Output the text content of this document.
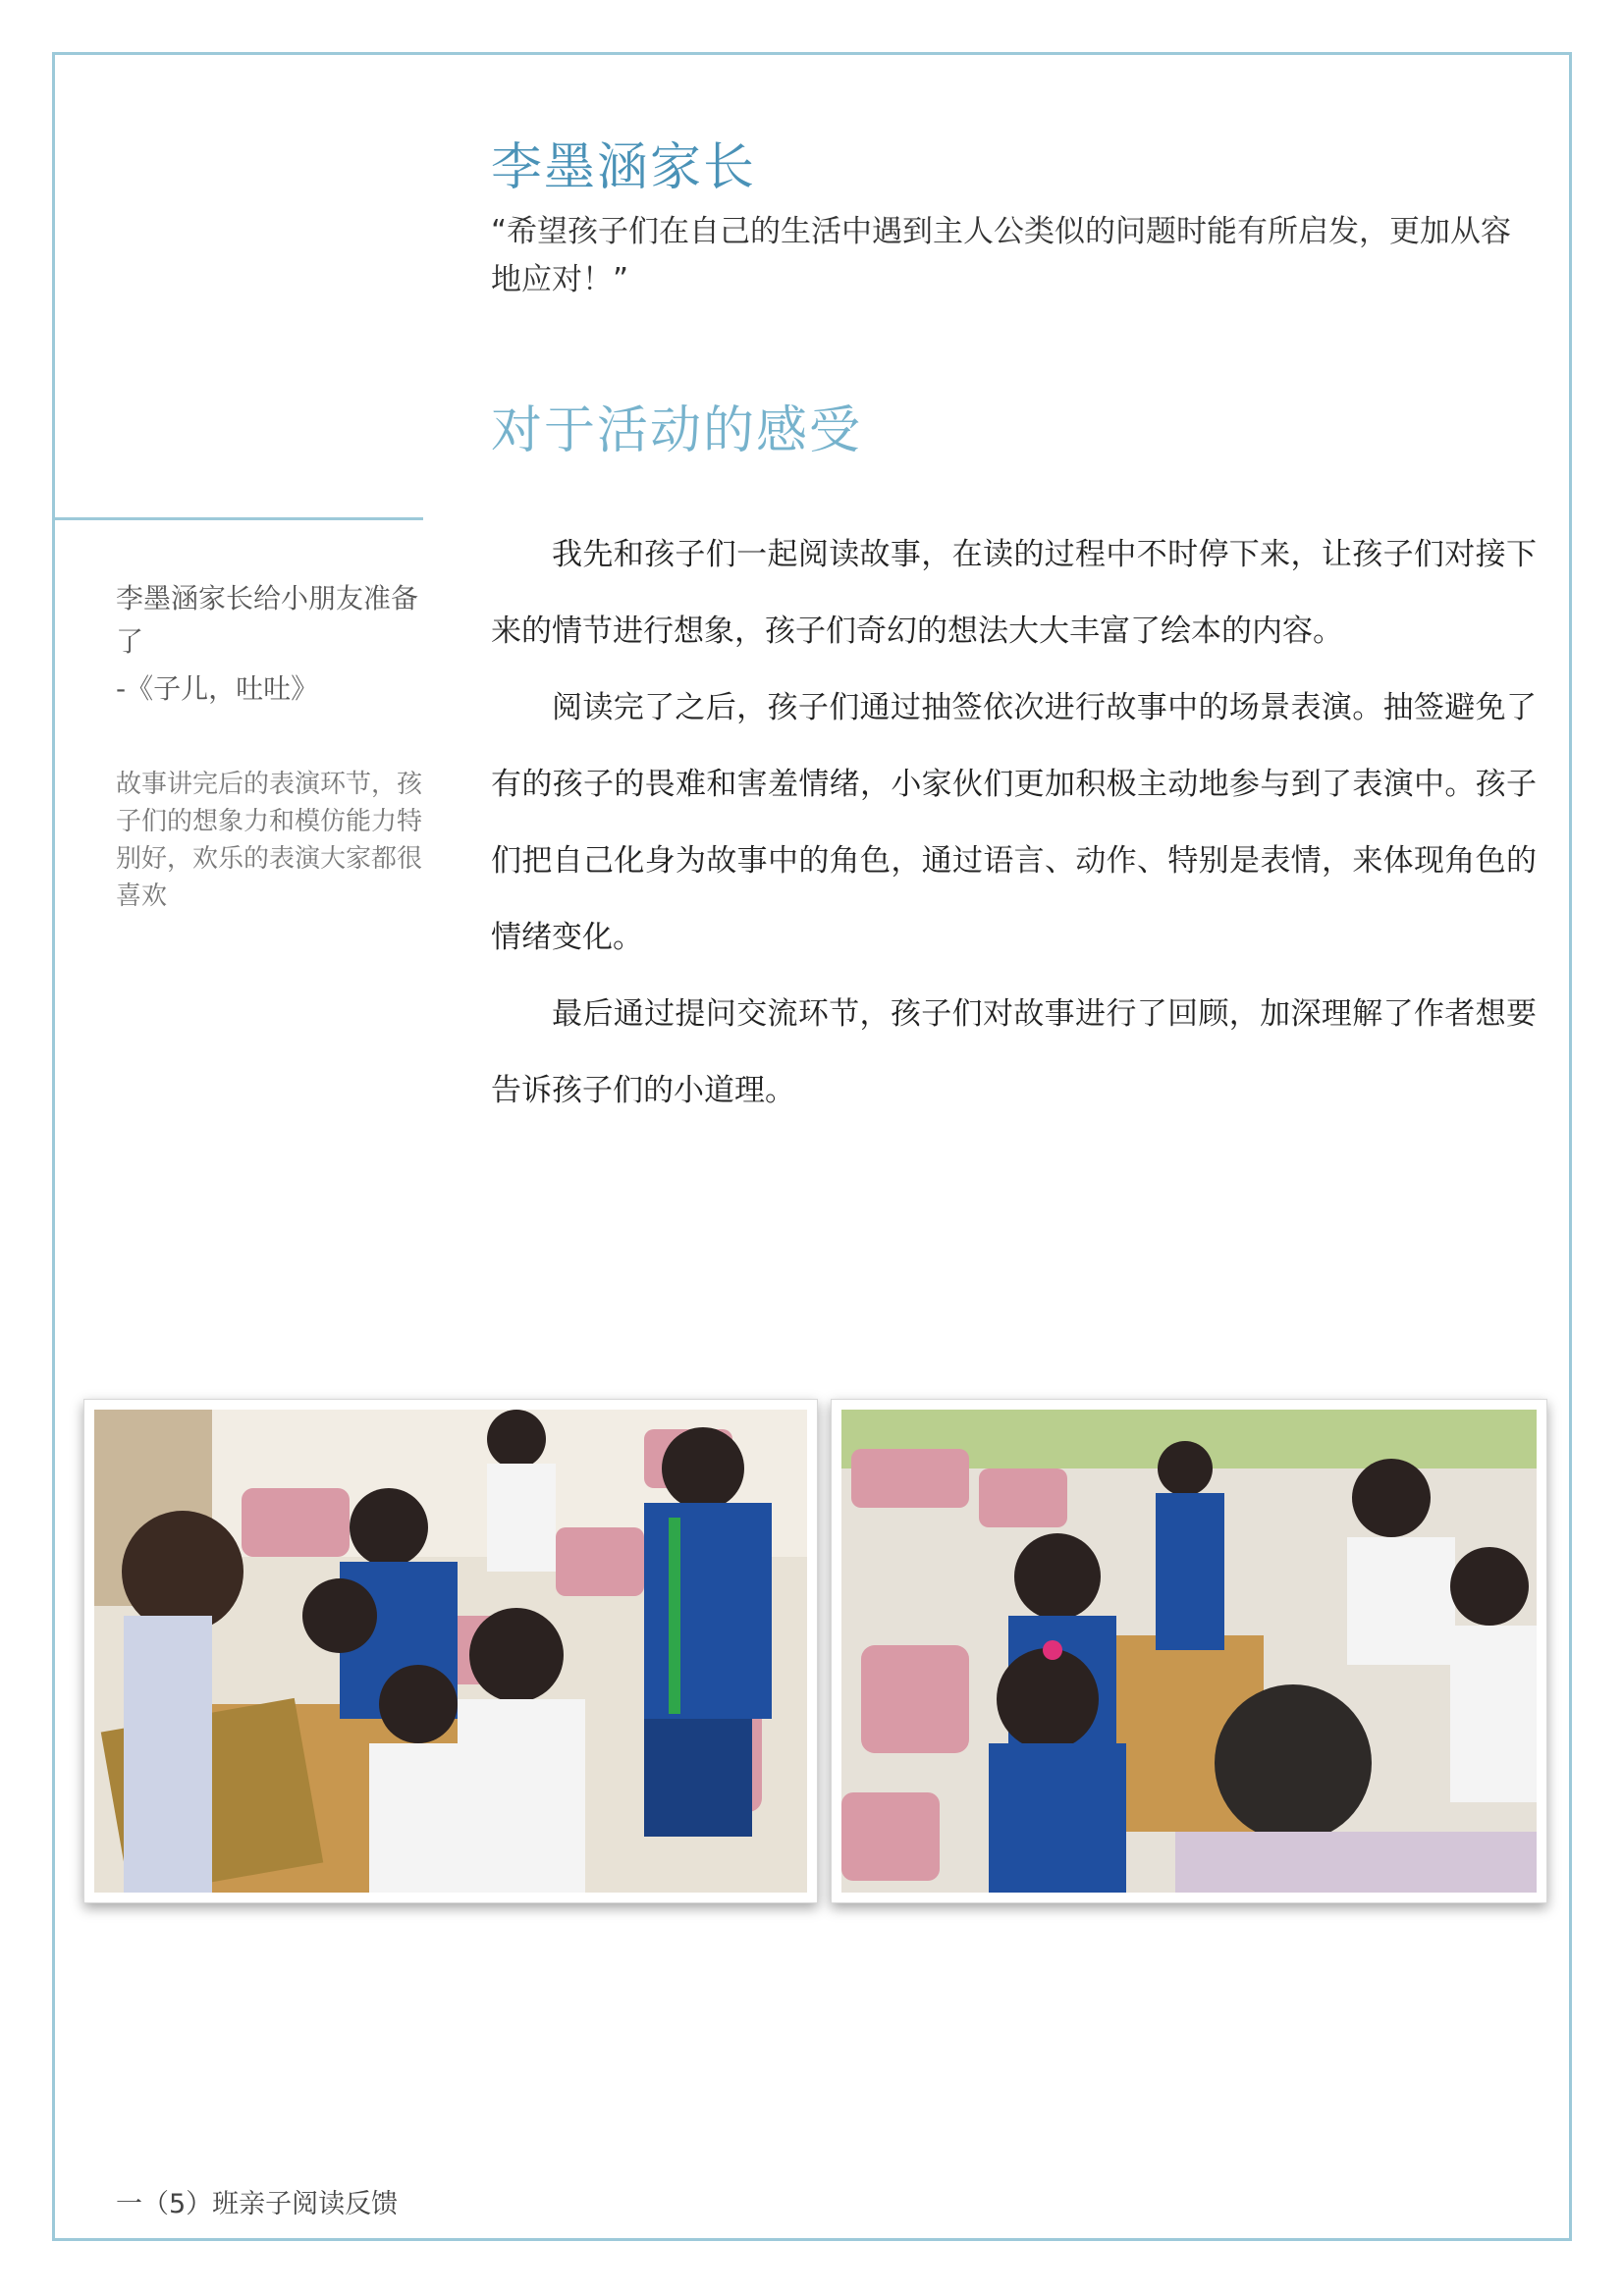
李墨涵家长

“希望孩子们在自己的生活中遇到主人公类似的问题时能有所启发，更加从容地应对！”

对于活动的感受

我先和孩子们一起阅读故事，在读的过程中不时停下来，让孩子们对接下来的情节进行想象，孩子们奇幻的想法大大丰富了绘本的内容。

阅读完了之后，孩子们通过抽签依次进行故事中的场景表演。抽签避免了有的孩子的畏难和害羞情绪，小家伙们更加积极主动地参与到了表演中。孩子们把自己化身为故事中的角色，通过语言、动作、特别是表情，来体现角色的情绪变化。

最后通过提问交流环节，孩子们对故事进行了回顾，加深理解了作者想要告诉孩子们的小道理。

李墨涵家长给小朋友准备了

-《子儿，吐吐》

故事讲完后的表演环节，孩子们的想象力和模仿能力特别好，欢乐的表演大家都很喜欢

一（5）班亲子阅读反馈
